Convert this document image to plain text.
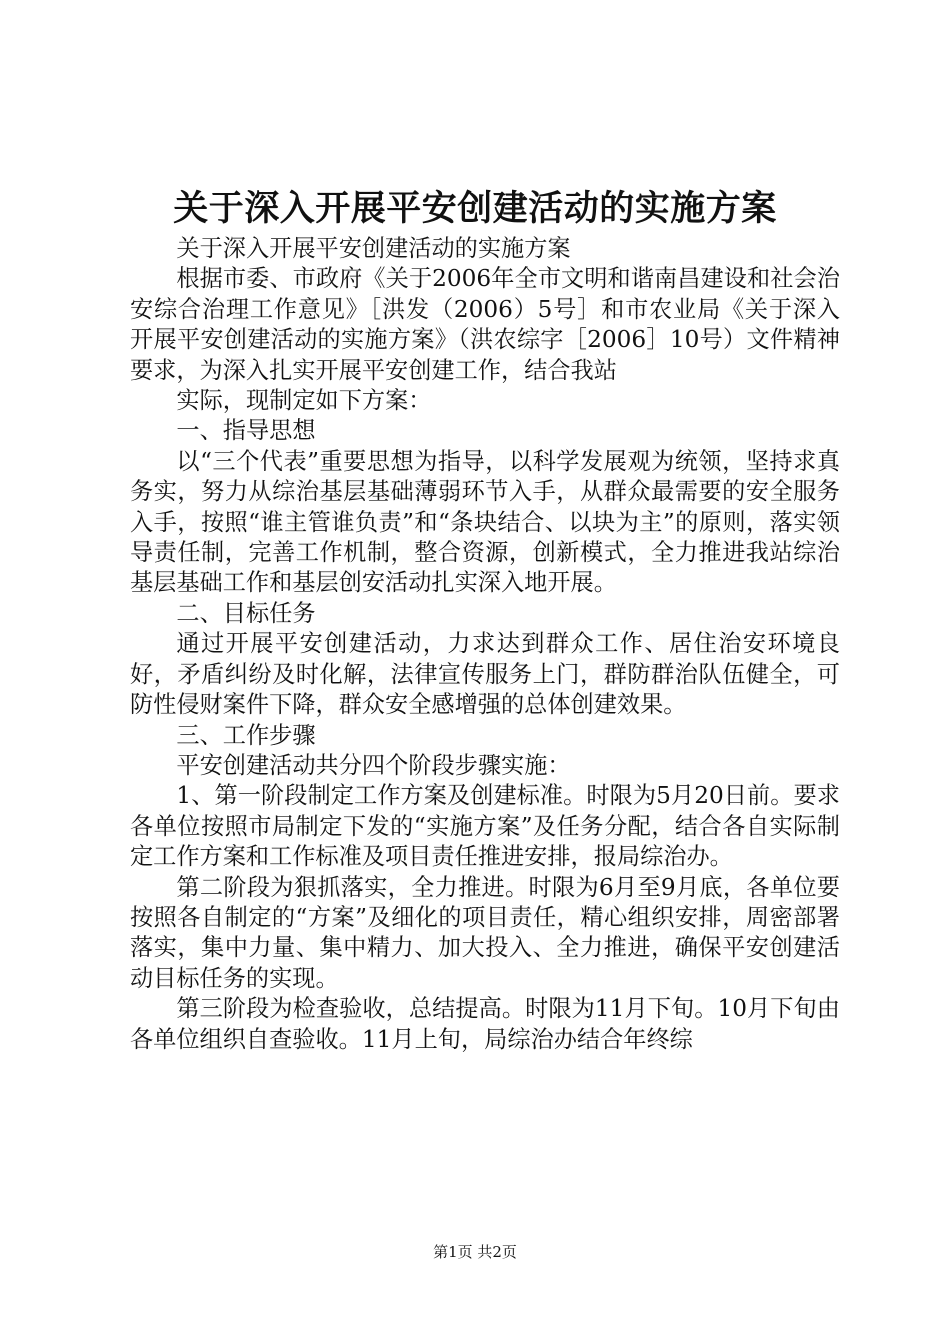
关于深入开展平安创建活动的实施方案

关于深入开展平安创建活动的实施方案

根据市委、市政府《关于2006年全市文明和谐南昌建设和社会治安综合治理工作意见》［洪发（2006）5号］和市农业局《关于深入开展平安创建活动的实施方案》（洪农综字［2006］10号）文件精神要求，为深入扎实开展平安创建工作，结合我站

实际，现制定如下方案：

一、指导思想

以“三个代表”重要思想为指导，以科学发展观为统领，坚持求真务实，努力从综治基层基础薄弱环节入手，从群众最需要的安全服务入手，按照“谁主管谁负责”和“条块结合、以块为主”的原则，落实领导责任制，完善工作机制，整合资源，创新模式，全力推进我站综治基层基础工作和基层创安活动扎实深入地开展。

二、目标任务

通过开展平安创建活动，力求达到群众工作、居住治安环境良好，矛盾纠纷及时化解，法律宣传服务上门，群防群治队伍健全，可防性侵财案件下降，群众安全感增强的总体创建效果。

三、工作步骤

平安创建活动共分四个阶段步骤实施：

1、第一阶段制定工作方案及创建标准。时限为5月20日前。要求各单位按照市局制定下发的“实施方案”及任务分配，结合各自实际制定工作方案和工作标准及项目责任推进安排，报局综治办。

第二阶段为狠抓落实，全力推进。时限为6月至9月底，各单位要按照各自制定的“方案”及细化的项目责任，精心组织安排，周密部署落实，集中力量、集中精力、加大投入、全力推进，确保平安创建活动目标任务的实现。

第三阶段为检查验收，总结提高。时限为11月下旬。10月下旬由各单位组织自查验收。11月上旬，局综治办结合年终综

第1页 共2页
